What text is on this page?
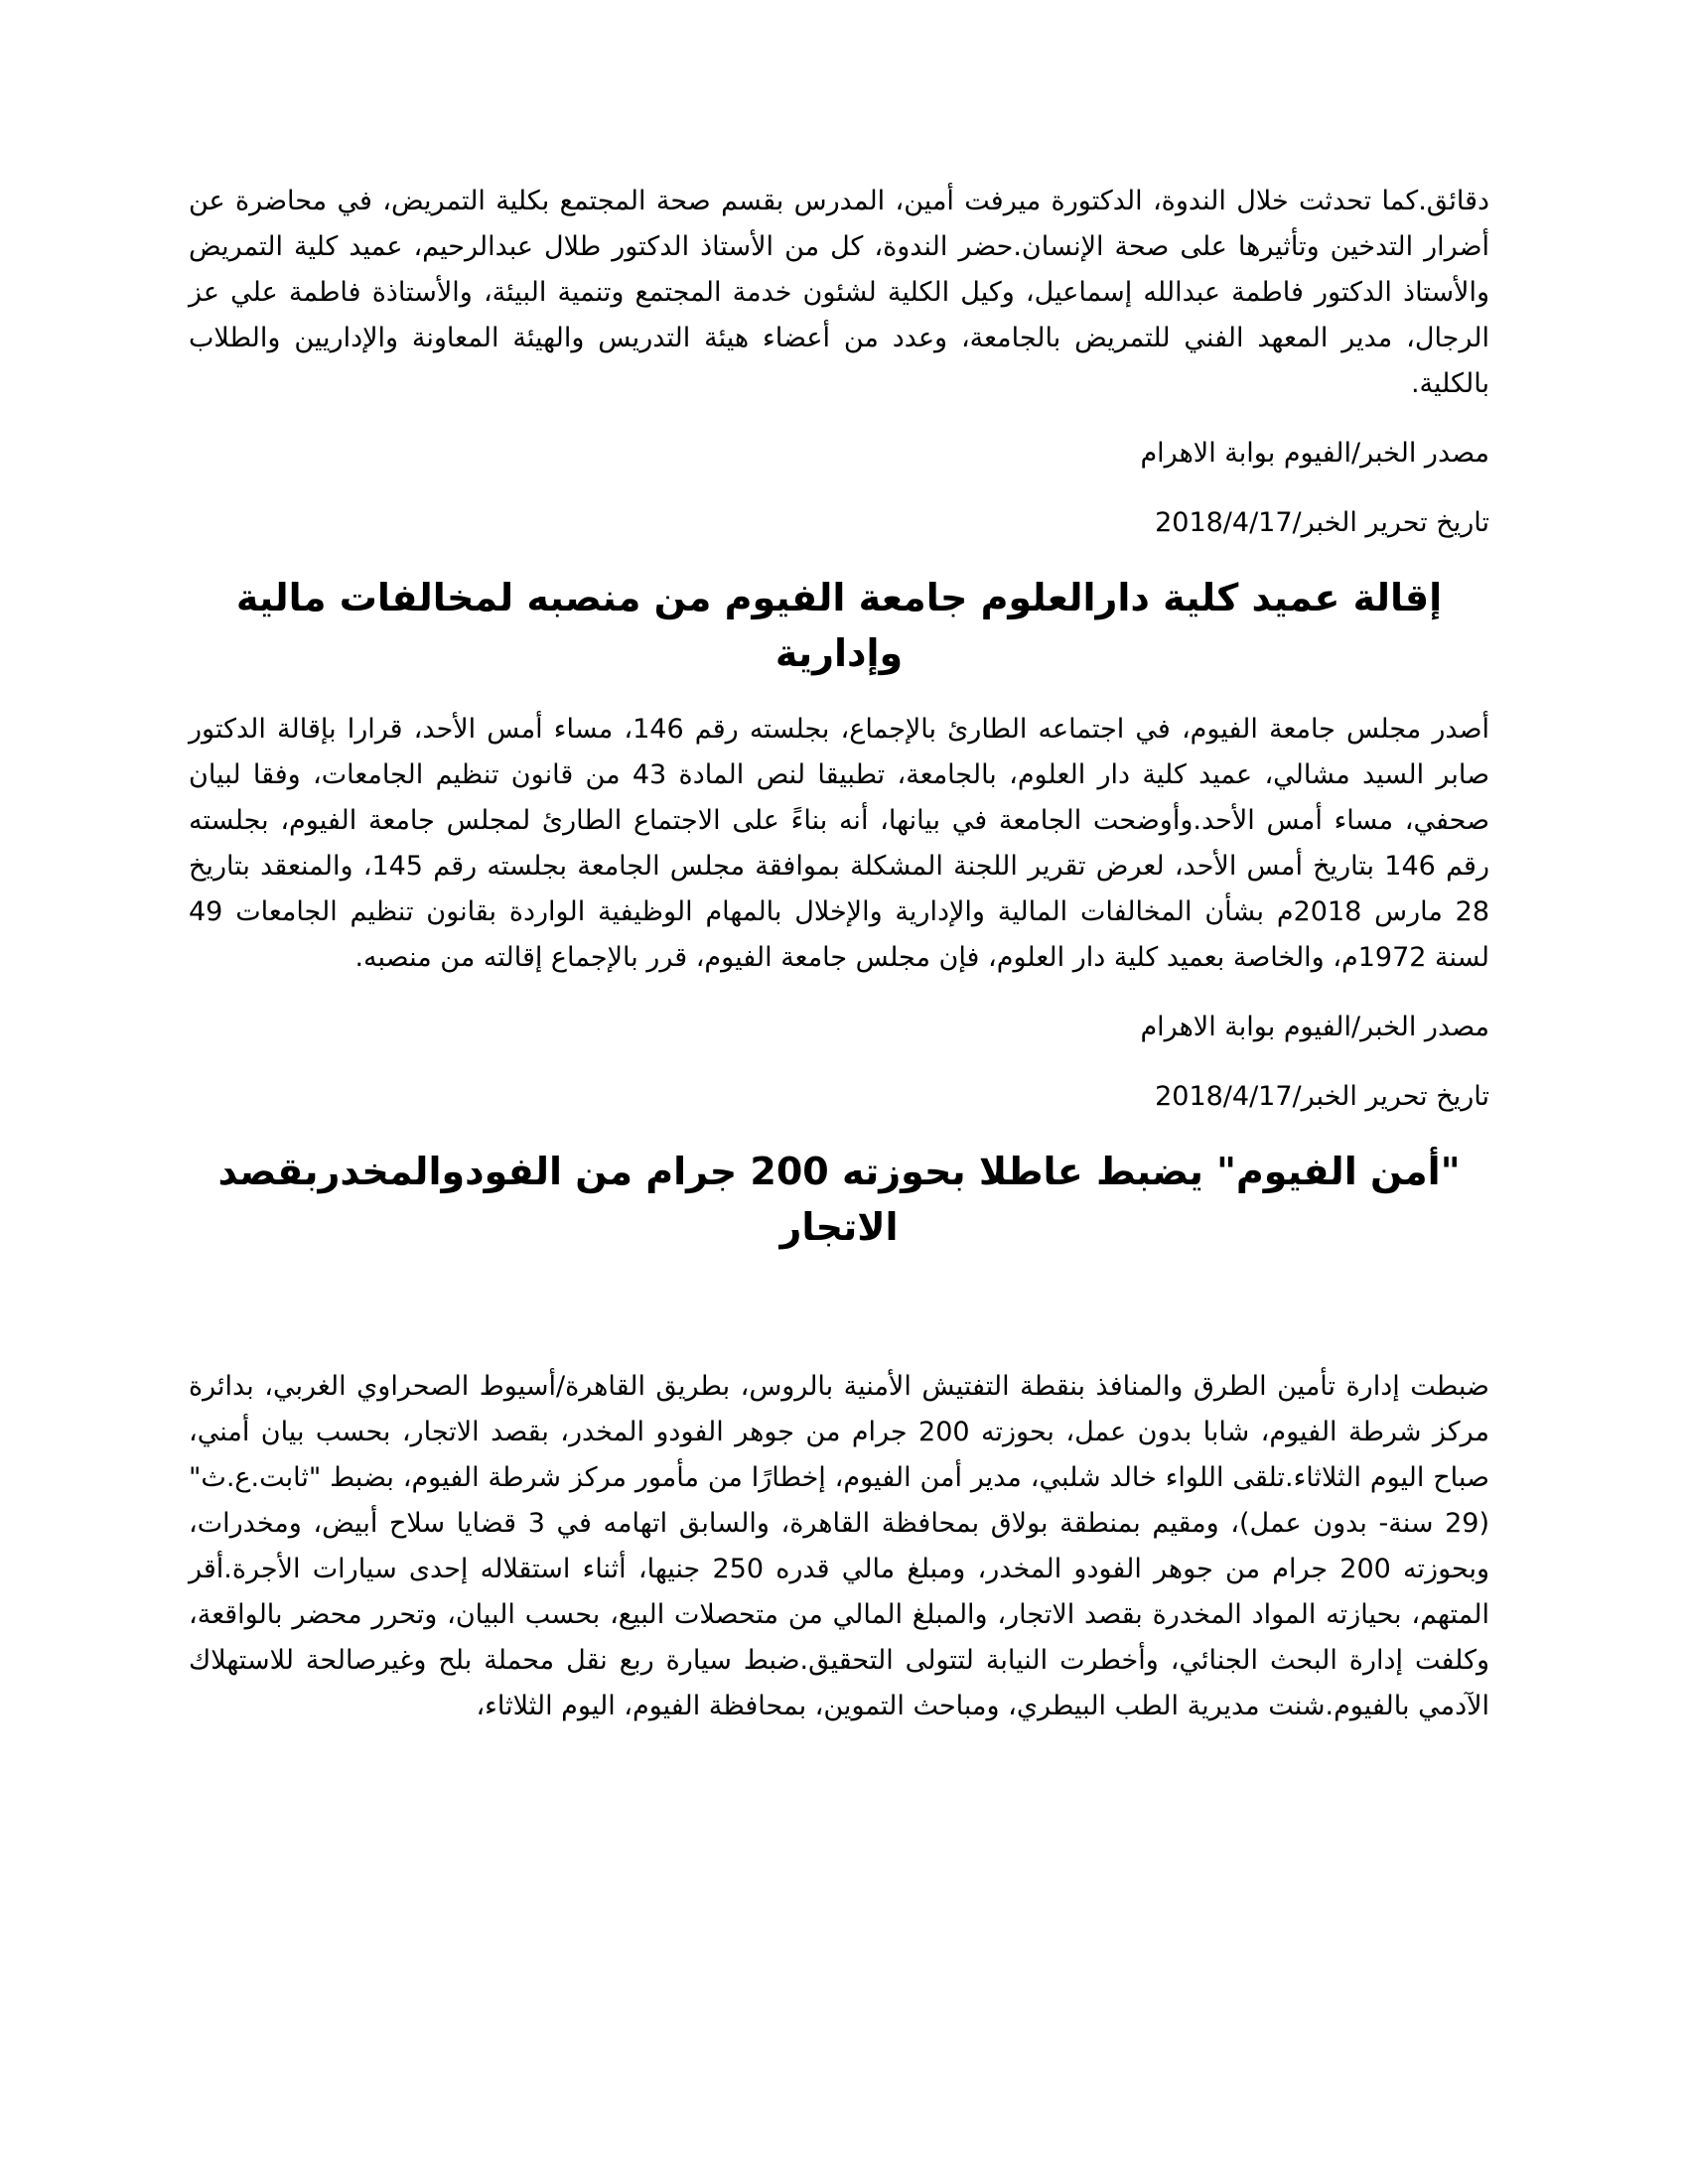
دقائق.كما تحدثت خلال الندوة، الدكتورة ميرفت أمين، المدرس بقسم صحة المجتمع بكلية التمريض، في محاضرة عن أضرار التدخين وتأثيرها على صحة الإنسان.حضر الندوة، كل من الأستاذ الدكتور طلال عبدالرحيم، عميد كلية التمريض والأستاذ الدكتور فاطمة عبدالله إسماعيل، وكيل الكلية لشئون خدمة المجتمع وتنمية البيئة، والأستاذة فاطمة علي عز الرجال، مدير المعهد الفني للتمريض بالجامعة، وعدد من أعضاء هيئة التدريس والهيئة المعاونة والإداريين والطلاب بالكلية.

مصدر الخبر/الفيوم بوابة الاهرام

تاريخ تحرير الخبر/2018/4/17

إقالة عميد كلية دارالعلوم جامعة الفيوم من منصبه لمخالفات مالية وإدارية

أصدر مجلس جامعة الفيوم، في اجتماعه الطارئ بالإجماع، بجلسته رقم 146، مساء أمس الأحد، قرارا بإقالة الدكتور صابر السيد مشالي، عميد كلية دار العلوم، بالجامعة، تطبيقا لنص المادة 43 من قانون تنظيم الجامعات، وفقا لبيان صحفي، مساء أمس الأحد.وأوضحت الجامعة في بيانها، أنه بناءً على الاجتماع الطارئ لمجلس جامعة الفيوم، بجلسته رقم 146 بتاريخ أمس الأحد، لعرض تقرير اللجنة المشكلة بموافقة مجلس الجامعة بجلسته رقم 145، والمنعقد بتاريخ 28 مارس 2018م بشأن المخالفات المالية والإدارية والإخلال بالمهام الوظيفية الواردة بقانون تنظيم الجامعات 49 لسنة 1972م، والخاصة بعميد كلية دار العلوم، فإن مجلس جامعة الفيوم، قرر بالإجماع إقالته من منصبه.

مصدر الخبر/الفيوم بوابة الاهرام

تاريخ تحرير الخبر/2018/4/17

"أمن الفيوم" يضبط عاطلا بحوزته 200 جرام من الفودوالمخدربقصد الاتجار

ضبطت إدارة تأمين الطرق والمنافذ بنقطة التفتيش الأمنية بالروس، بطريق القاهرة/أسيوط الصحراوي الغربي، بدائرة مركز شرطة الفيوم، شابا بدون عمل، بحوزته 200 جرام من جوهر الفودو المخدر، بقصد الاتجار، بحسب بيان أمني، صباح اليوم الثلاثاء.تلقى اللواء خالد شلبي، مدير أمن الفيوم، إخطارًا من مأمور مركز شرطة الفيوم، بضبط "ثابت.ع.ث" (29 سنة- بدون عمل)، ومقيم بمنطقة بولاق بمحافظة القاهرة، والسابق اتهامه في 3 قضايا سلاح أبيض، ومخدرات، وبحوزته 200 جرام من جوهر الفودو المخدر، ومبلغ مالي قدره 250 جنيها، أثناء استقلاله إحدى سيارات الأجرة.أقر المتهم، بحيازته المواد المخدرة بقصد الاتجار، والمبلغ المالي من متحصلات البيع، بحسب البيان، وتحرر محضر بالواقعة، وكلفت إدارة البحث الجنائي، وأخطرت النيابة لتتولى التحقيق.ضبط سيارة ربع نقل محملة بلح وغيرصالحة للاستهلاك الآدمي بالفيوم.شنت مديرية الطب البيطري، ومباحث التموين، بمحافظة الفيوم، اليوم الثلاثاء،
